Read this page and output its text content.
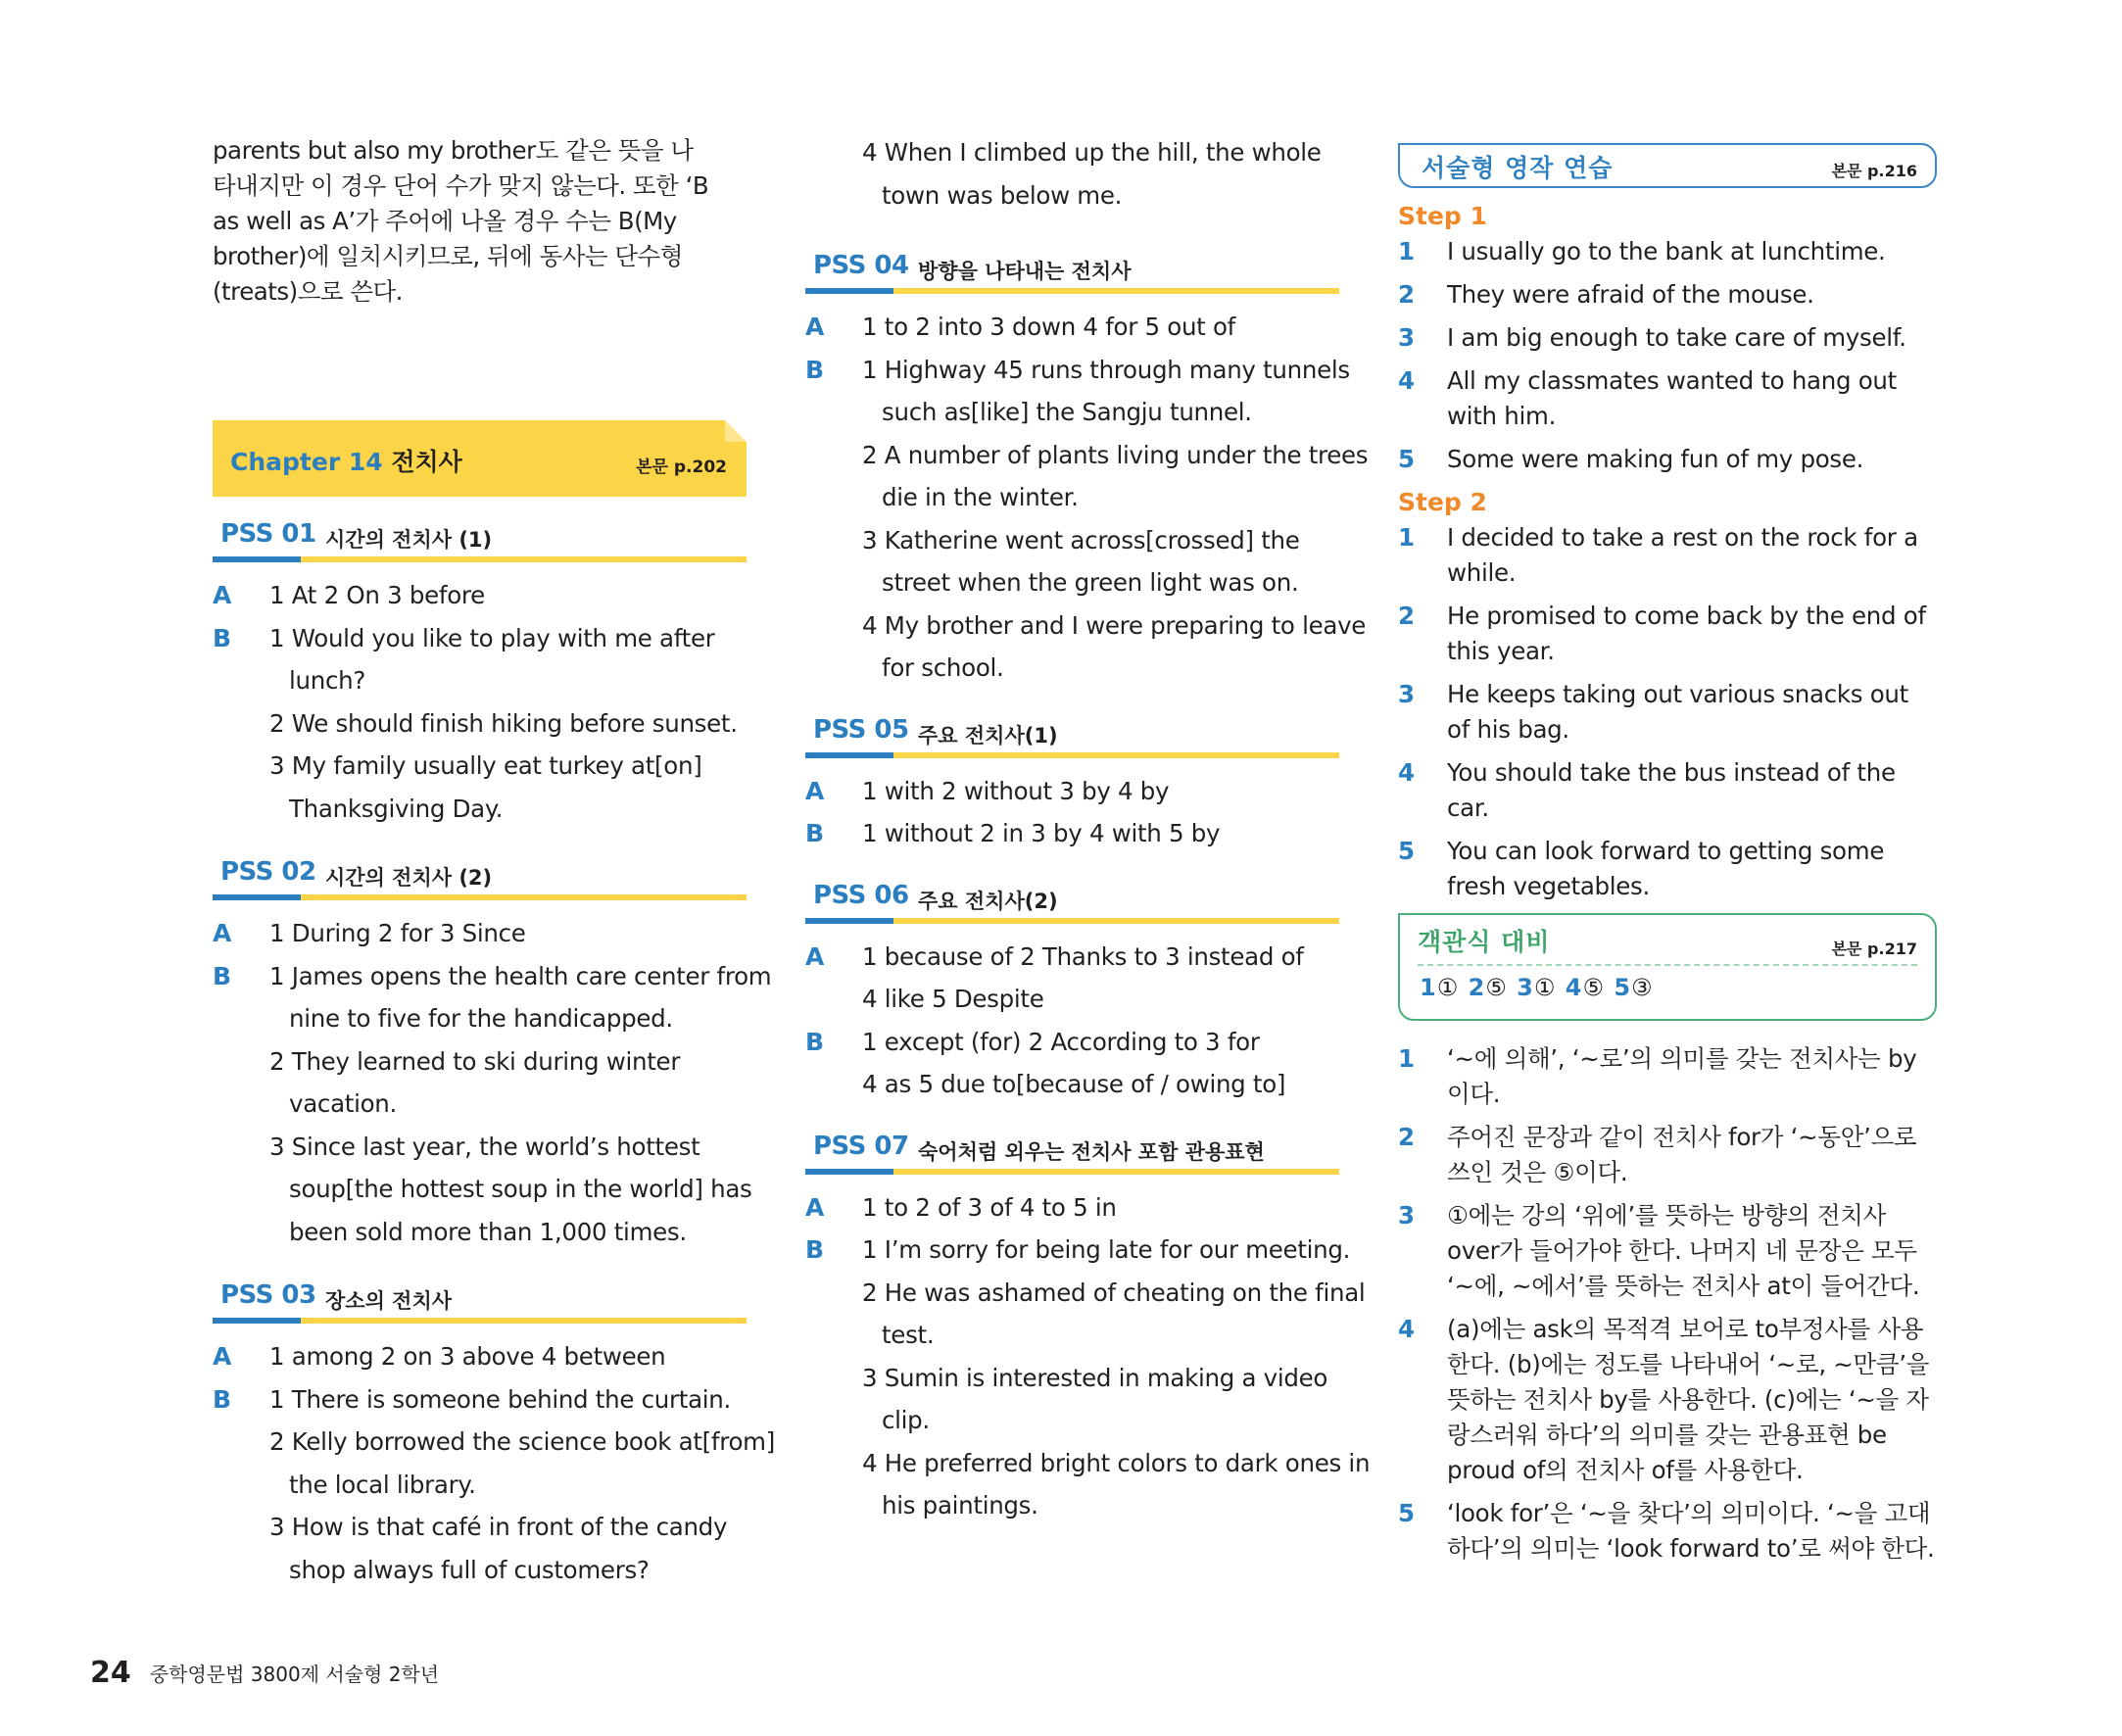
parents but also my brother도 같은 뜻을 나

타내지만 이 경우 단어 수가 맞지 않는다. 또한 ‘B

as well as A’가 주어에 나올 경우 수는 B(My

brother)에 일치시키므로, 뒤에 동사는 단수형

(treats)으로 쓴다.

Chapter 14 전치사	본문 p.202
PSS 01 시간의 전치사 (1)
A	1 At 2 On 3 before
B	1 Would you like to play with me after
lunch?
2 We should finish hiking before sunset.
3 My family usually eat turkey at[on]
Thanksgiving Day.
PSS 02 시간의 전치사 (2)
A	1 During 2 for 3 Since
B	1 James opens the health care center from
nine to five for the handicapped.
2 They learned to ski during winter
vacation.
3 Since last year, the world’s hottest
soup[the hottest soup in the world] has
been sold more than 1,000 times.
PSS 03 장소의 전치사
A	1 among 2 on 3 above 4 between
B	1 There is someone behind the curtain.
2 Kelly borrowed the science book at[from]
the local library.
3 How is that café in front of the candy
shop always full of customers?
4 When I climbed up the hill, the whole
town was below me.
PSS 04 방향을 나타내는 전치사
A	1 to 2 into 3 down 4 for 5 out of
B	1 Highway 45 runs through many tunnels
such as[like] the Sangju tunnel.
2 A number of plants living under the trees
die in the winter.
3 Katherine went across[crossed] the
street when the green light was on.
4 My brother and I were preparing to leave
for school.
PSS 05 주요 전치사(1)
A	1 with 2 without 3 by 4 by
B	1 without 2 in 3 by 4 with 5 by
PSS 06 주요 전치사(2)
A	1 because of 2 Thanks to 3 instead of
4 like 5 Despite
B	1 except (for) 2 According to 3 for
4 as 5 due to[because of / owing to]
PSS 07 숙어처럼 외우는 전치사 포함 관용표현
A	1 to 2 of 3 of 4 to 5 in
B	1 I’m sorry for being late for our meeting.
2 He was ashamed of cheating on the final
test.
3 Sumin is interested in making a video
clip.
4 He preferred bright colors to dark ones in
his paintings.
서술형 영작 연습	본문 p.216
Step 1
1 I usually go to the bank at lunchtime.
2 They were afraid of the mouse.
3 I am big enough to take care of myself.
4 All my classmates wanted to hang out with him.
5 Some were making fun of my pose.
Step 2
1 I decided to take a rest on the rock for a while.
2 He promised to come back by the end of this year.
3 He keeps taking out various snacks out of his bag.
4 You should take the bus instead of the car.
5 You can look forward to getting some fresh vegetables.
객관식 대비	본문 p.217
1① 2⑤ 3① 4⑤ 5③
1 ‘~에 의해’, ‘~로’의 의미를 갖는 전치사는 by이다.
2 주어진 문장과 같이 전치사 for가 ‘~동안’으로 쓰인 것은 ⑤이다.
3 ①에는 강의 ‘위에’를 뜻하는 방향의 전치사 over가 들어가야 한다. 나머지 네 문장은 모두 ‘~에, ~에서’를 뜻하는 전치사 at이 들어간다.
4 (a)에는 ask의 목적격 보어로 to부정사를 사용한다. (b)에는 정도를 나타내어 ‘~로, ~만큼’을 뜻하는 전치사 by를 사용한다. (c)에는 ‘~을 자랑스러워 하다’의 의미를 갖는 관용표현 be proud of의 전치사 of를 사용한다.
5 ‘look for’은 ‘~을 찾다’의 의미이다. ‘~을 고대하다’의 의미는 ‘look forward to’로 써야 한다.
24 중학영문법 3800제 서술형 2학년
